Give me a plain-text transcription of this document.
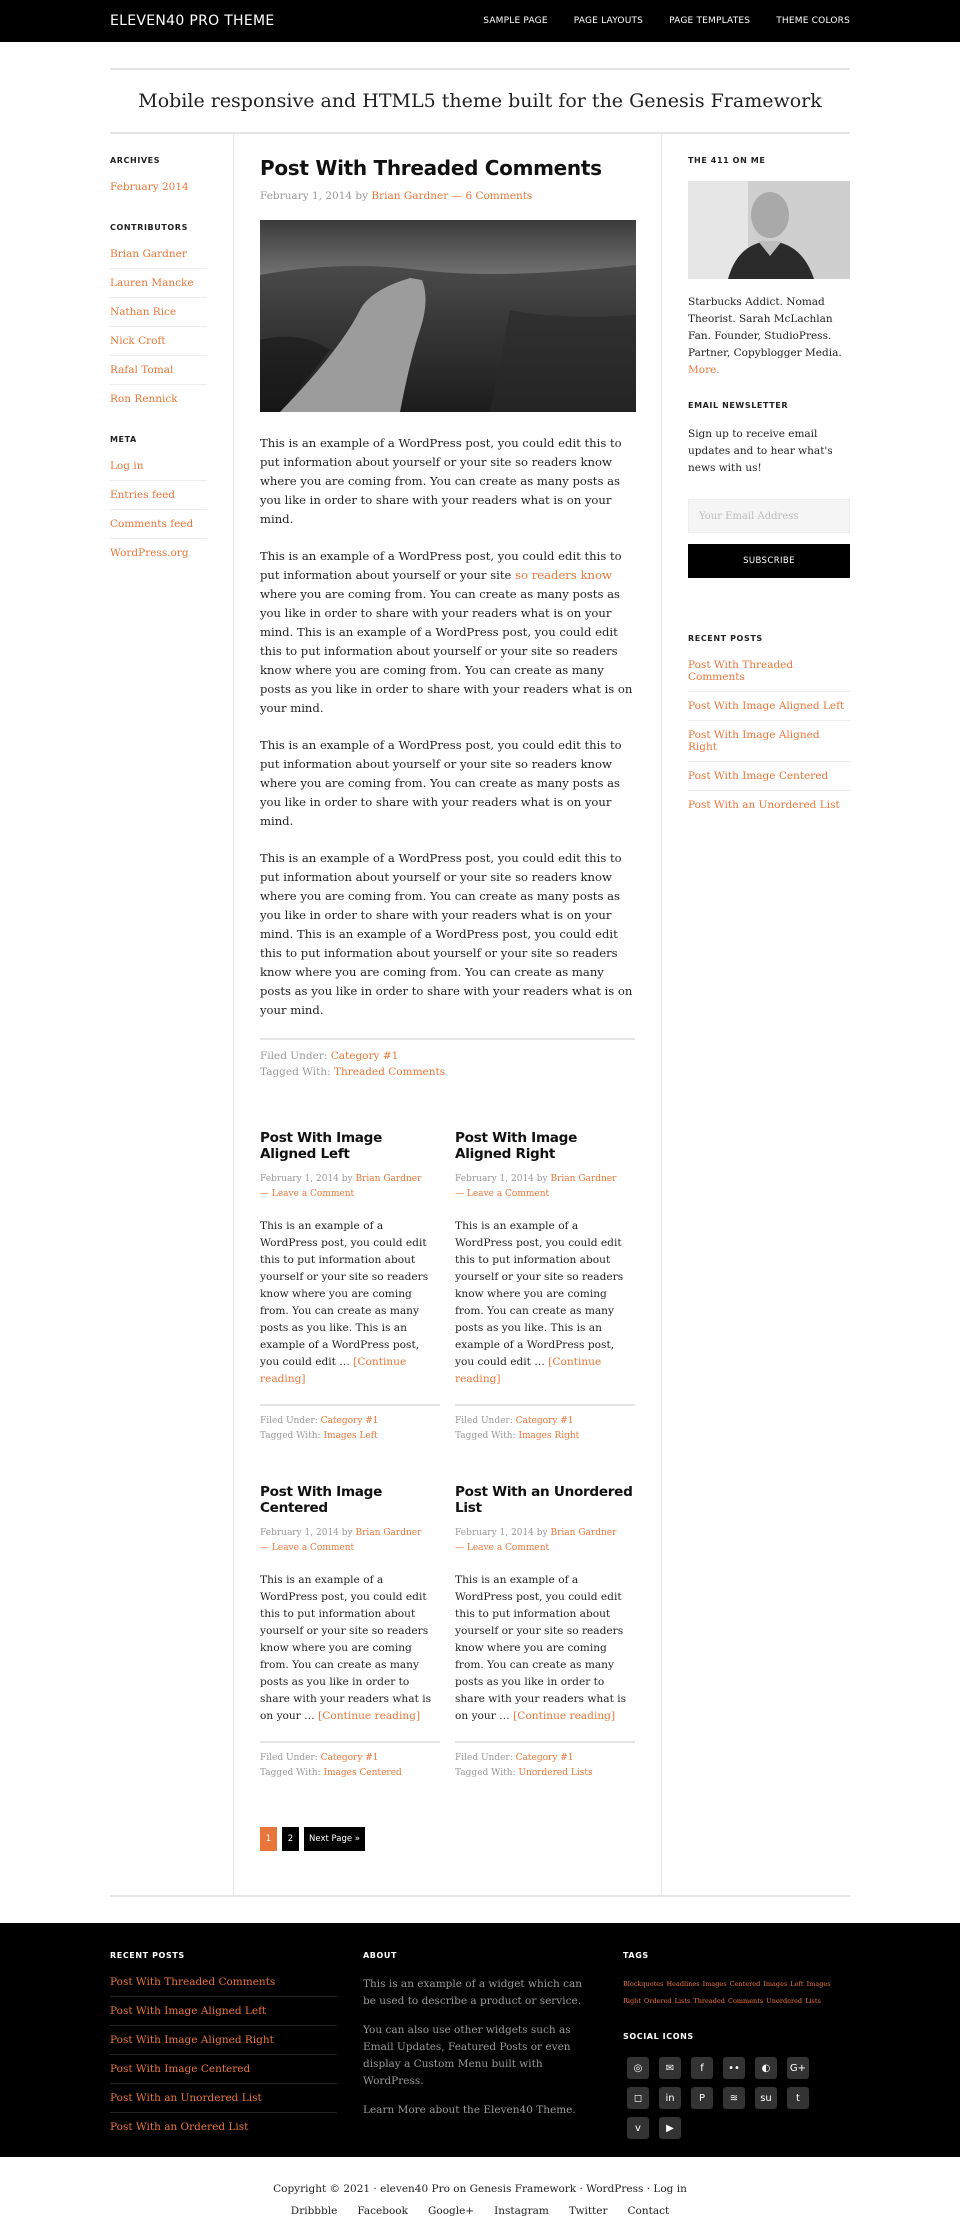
ELEVEN40 PRO THEME	SAMPLE PAGE	PAGE LAYOUTS	PAGE TEMPLATES	THEME COLORS
Mobile responsive and HTML5 theme built for the Genesis Framework
ARCHIVES
February 2014
CONTRIBUTORS
Brian Gardner
Lauren Mancke
Nathan Rice
Nick Croft
Rafal Tomal
Ron Rennick
META
Log in
Entries feed
Comments feed
WordPress.org
Post With Threaded Comments
February 1, 2014 by Brian Gardner — 6 Comments

This is an example of a WordPress post, you could edit this to put information about yourself or your site so readers know where you are coming from. You can create as many posts as you like in order to share with your readers what is on your mind.

This is an example of a WordPress post, you could edit this to put information about yourself or your site so readers know where you are coming from. You can create as many posts as you like in order to share with your readers what is on your mind. This is an example of a WordPress post, you could edit this to put information about yourself or your site so readers know where you are coming from. You can create as many posts as you like in order to share with your readers what is on your mind.

This is an example of a WordPress post, you could edit this to put information about yourself or your site so readers know where you are coming from. You can create as many posts as you like in order to share with your readers what is on your mind.

This is an example of a WordPress post, you could edit this to put information about yourself or your site so readers know where you are coming from. You can create as many posts as you like in order to share with your readers what is on your mind. This is an example of a WordPress post, you could edit this to put information about yourself or your site so readers know where you are coming from. You can create as many posts as you like in order to share with your readers what is on your mind.

Filed Under: Category #1
Tagged With: Threaded Comments
Post With Image Aligned Left
February 1, 2014 by Brian Gardner
— Leave a Comment

This is an example of a WordPress post, you could edit this to put information about yourself or your site so readers know where you are coming from. You can create as many posts as you like. This is an example of a WordPress post, you could edit … [Continue reading]

Filed Under: Category #1
Tagged With: Images Left
Post With Image Aligned Right
February 1, 2014 by Brian Gardner
— Leave a Comment

This is an example of a WordPress post, you could edit this to put information about yourself or your site so readers know where you are coming from. You can create as many posts as you like. This is an example of a WordPress post, you could edit … [Continue reading]

Filed Under: Category #1
Tagged With: Images Right
Post With Image Centered
February 1, 2014 by Brian Gardner
— Leave a Comment

This is an example of a WordPress post, you could edit this to put information about yourself or your site so readers know where you are coming from. You can create as many posts as you like in order to share with your readers what is on your … [Continue reading]

Filed Under: Category #1
Tagged With: Images Centered
Post With an Unordered List
February 1, 2014 by Brian Gardner
— Leave a Comment

This is an example of a WordPress post, you could edit this to put information about yourself or your site so readers know where you are coming from. You can create as many posts as you like in order to share with your readers what is on your … [Continue reading]

Filed Under: Category #1
Tagged With: Unordered Lists
1	2	Next Page »
THE 411 ON ME

Starbucks Addict. Nomad Theorist. Sarah McLachlan Fan. Founder, StudioPress. Partner, Copyblogger Media. More.

EMAIL NEWSLETTER

Sign up to receive email updates and to hear what's news with us!

Your Email Address SUBSCRIBE
RECENT POSTS
Post With Threaded Comments
Post With Image Aligned Left
Post With Image Aligned Right
Post With Image Centered
Post With an Unordered List
RECENT POSTS
Post With Threaded Comments
Post With Image Aligned Left
Post With Image Aligned Right
Post With Image Centered
Post With an Unordered List
Post With an Ordered List
ABOUT

This is an example of a widget which can be used to describe a product or service.

You can also use other widgets such as Email Updates, Featured Posts or even display a Custom Menu built with WordPress.

Learn More about the Eleven40 Theme.

TAGS
Blockquotes Headlines Images Centered Images Left Images Right Ordered Lists Threaded Comments Unordered Lists
SOCIAL ICONS
◎	✉	f	••	◐	G+
◻	in	P	≋	su	t
v	▶
Copyright © 2021 · eleven40 Pro on Genesis Framework · WordPress · Log in
Dribbble Facebook Google+ Instagram Twitter Contact
